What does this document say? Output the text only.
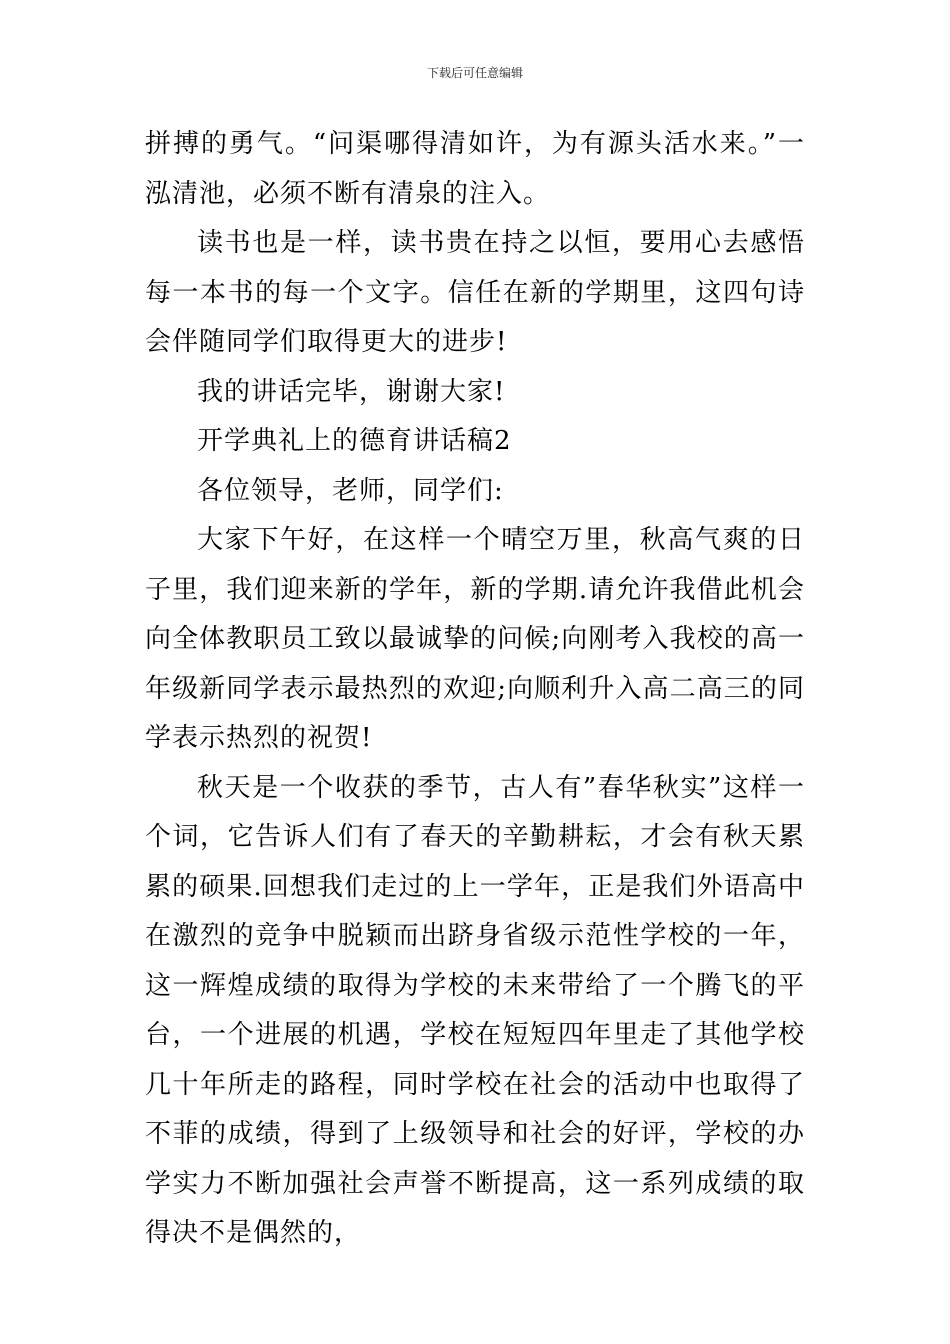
下载后可任意编辑

拼搏的勇气。“问渠哪得清如许，为有源头活水来。”一泓清池，必须不断有清泉的注入。

读书也是一样，读书贵在持之以恒，要用心去感悟每一本书的每一个文字。信任在新的学期里，这四句诗会伴随同学们取得更大的进步!

我的讲话完毕，谢谢大家!

开学典礼上的德育讲话稿2

各位领导，老师，同学们:

大家下午好，在这样一个晴空万里，秋高气爽的日子里，我们迎来新的学年，新的学期.请允许我借此机会向全体教职员工致以最诚挚的问候;向刚考入我校的高一年级新同学表示最热烈的欢迎;向顺利升入高二高三的同学表示热烈的祝贺!

秋天是一个收获的季节，古人有”春华秋实”这样一个词，它告诉人们有了春天的辛勤耕耘，才会有秋天累累的硕果.回想我们走过的上一学年，正是我们外语高中在激烈的竞争中脱颖而出跻身省级示范性学校的一年，这一辉煌成绩的取得为学校的未来带给了一个腾飞的平台，一个进展的机遇，学校在短短四年里走了其他学校几十年所走的路程，同时学校在社会的活动中也取得了不菲的成绩，得到了上级领导和社会的好评，学校的办学实力不断加强社会声誉不断提高，这一系列成绩的取得决不是偶然的，
